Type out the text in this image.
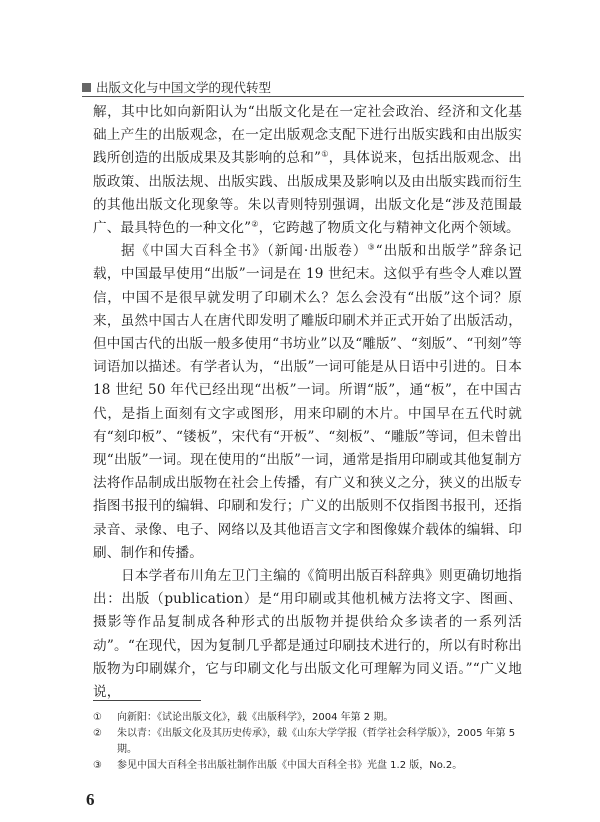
出版文化与中国文学的现代转型

解，其中比如向新阳认为“出版文化是在一定社会政治、经济和文化基础上产生的出版观念，在一定出版观念支配下进行出版实践和由出版实践所创造的出版成果及其影响的总和”①，具体说来，包括出版观念、出版政策、出版法规、出版实践、出版成果及影响以及由出版实践而衍生的其他出版文化现象等。朱以青则特别强调，出版文化是“涉及范围最广、最具特色的一种文化”②，它跨越了物质文化与精神文化两个领域。

据《中国大百科全书》（新闻·出版卷）③“出版和出版学”辞条记载，中国最早使用“出版”一词是在 19 世纪末。这似乎有些令人难以置信，中国不是很早就发明了印刷术么？怎么会没有“出版”这个词？原来，虽然中国古人在唐代即发明了雕版印刷术并正式开始了出版活动，但中国古代的出版一般多使用“书坊业”以及“雕版”、“刻版”、“刊刻”等词语加以描述。有学者认为，“出版”一词可能是从日语中引进的。日本 18 世纪 50 年代已经出现“出板”一词。所谓“版”，通“板”，在中国古代，是指上面刻有文字或图形，用来印刷的木片。中国早在五代时就有“刻印板”、“镂板”，宋代有“开板”、“刻板”、“雕版”等词，但未曾出现“出版”一词。现在使用的“出版”一词，通常是指用印刷或其他复制方法将作品制成出版物在社会上传播，有广义和狭义之分，狭义的出版专指图书报刊的编辑、印刷和发行；广义的出版则不仅指图书报刊，还指录音、录像、电子、网络以及其他语言文字和图像媒介载体的编辑、印刷、制作和传播。

日本学者布川角左卫门主编的《简明出版百科辞典》则更确切地指出：出版（publication）是“用印刷或其他机械方法将文字、图画、摄影等作品复制成各种形式的出版物并提供给众多读者的一系列活动”。“在现代，因为复制几乎都是通过印刷技术进行的，所以有时称出版物为印刷媒介，它与印刷文化与出版文化可理解为同义语。”“广义地说，

①	向新阳：《试论出版文化》，载《出版科学》，2004 年第 2 期。
②	朱以青：《出版文化及其历史传承》，载《山东大学学报（哲学社会科学版）》，2005 年第 5 期。
③	参见中国大百科全书出版社制作出版《中国大百科全书》光盘 1.2 版，No.2。
6
